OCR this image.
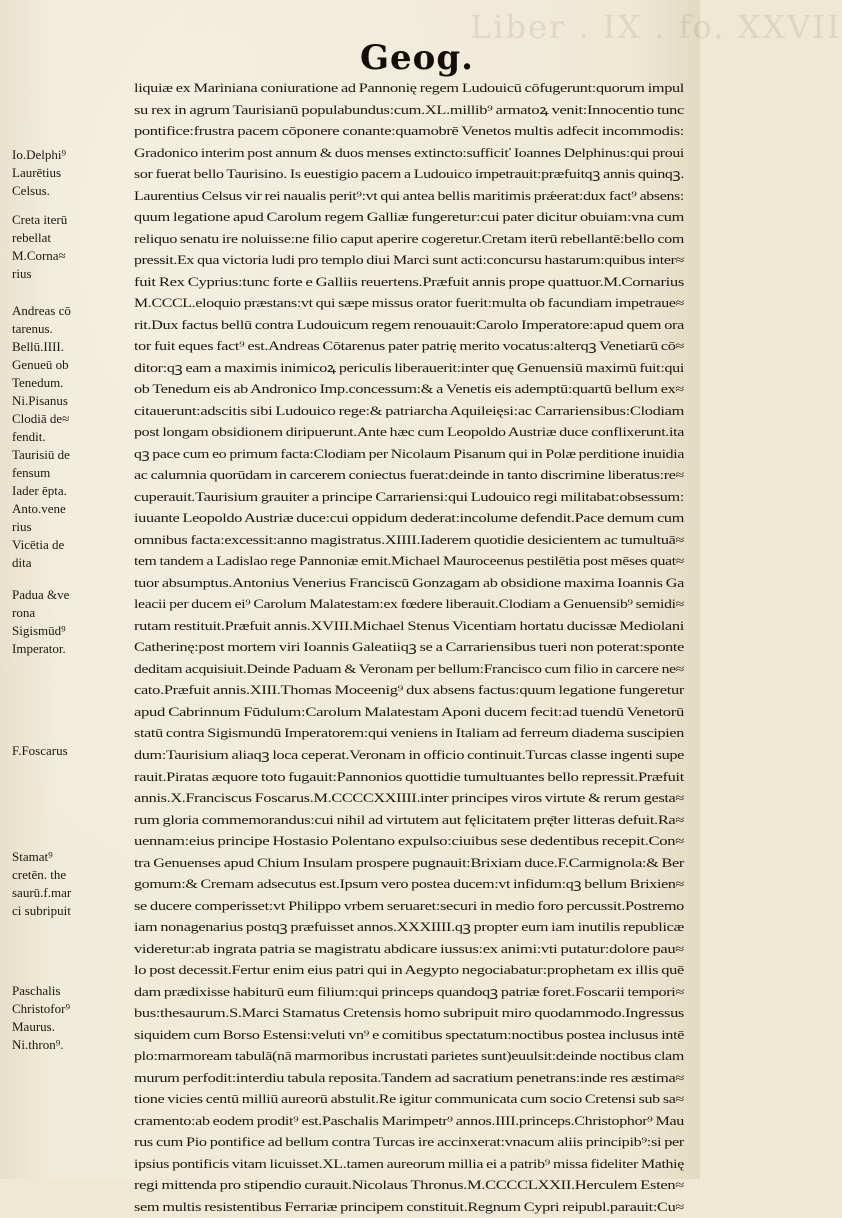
Liber . IX . fo. XXVII
Geog.
Io.Delphi⁹
Laurētius
Celsus.
Creta iterū
rebellat
M.Corna≈
rius
Andreas cō
tarenus.
Bellū.IIII.
Genueū ob
Tenedum.
Ni.Pisanus
Clodiā de≈
fendit.
Taurisiū de
fensum
Iader ēpta.
Anto.vene
rius
Vicētia de
dita
Padua &ve
rona
Sigismūd⁹
Imperator.
F.Foscarus
Stamat⁹
cretēn. the
saurū.f.mar
ci subripuit
Paschalis
Christofor⁹
Maurus.
Ni.thron⁹.
liquiæ ex Mariniana coniuratione ad Pannonię regem Ludouicū cōfugerunt:quorum impul
su rex in agrum Taurisianū populabundus:cum.XL.millib⁹ armatoꝝ venit:Innocentio tunc
pontifice:frustra pacem cōponere conante:quamobrē Venetos multis adfecit incommodis:
Gradonico interim post annum & duos menses extincto:sufficiť Ioannes Delphinus:qui proui
sor fuerat bello Taurisino. Is euestigio pacem a Ludouico impetrauit:præfuitqꝫ annis quinqꝫ.
Laurentius Celsus vir rei naualis perit⁹:vt qui antea bellis maritimis prǽerat:dux fact⁹ absens:
quum legatione apud Carolum regem Galliæ fungeretur:cui pater dicitur obuiam:vna cum
reliquo senatu ire noluisse:ne filio caput aperire cogeretur.Cretam iterū rebellantē:bello com
pressit.Ex qua victoria ludi pro templo diui Marci sunt acti:concursu hastarum:quibus inter≈
fuit Rex Cyprius:tunc forte e Galliis reuertens.Præfuit annis prope quattuor.M.Cornarius
M.CCCL.eloquio præstans:vt qui sæpe missus orator fuerit:multa ob facundiam impetraue≈
rit.Dux factus bellū contra Ludouicum regem renouauit:Carolo Imperatore:apud quem ora
tor fuit eques fact⁹ est.Andreas Cōtarenus pater patrię merito vocatus:alterqꝫ Venetiarū cō≈
ditor:qꝫ eam a maximis inimicoꝝ periculis liberauerit:inter quę Genuensiū maximū fuit:qui
ob Tenedum eis ab Andronico Imp.concessum:& a Venetis eis ademptū:quartū bellum ex≈
citauerunt:adscitis sibi Ludouico rege:& patriarcha Aquileięsi:ac Carrariensibus:Clodiam
post longam obsidionem diripuerunt.Ante hæc cum Leopoldo Austriæ duce conflixerunt.ita
qꝫ pace cum eo primum facta:Clodiam per Nicolaum Pisanum qui in Polæ perditione inuidia
ac calumnia quorūdam in carcerem coniectus fuerat:deinde in tanto discrimine liberatus:re≈
cuperauit.Taurisium grauiter a principe Carrariensi:qui Ludouico regi militabat:obsessum:
iuuante Leopoldo Austriæ duce:cui oppidum dederat:incolume defendit.Pace demum cum
omnibus facta:excessit:anno magistratus.XIIII.Iaderem quotidie desicientem ac tumultuā≈
tem tandem a Ladislao rege Pannoniæ emit.Michael Mauroceenus pestilētia post mēses quat≈
tuor absumptus.Antonius Venerius Franciscū Gonzagam ab obsidione maxima Ioannis Ga
leacii per ducem ei⁹ Carolum Malatestam:ex fœdere liberauit.Clodiam a Genuensib⁹ semidi≈
rutam restituit.Præfuit annis.XVIII.Michael Stenus Vicentiam hortatu ducissæ Mediolani
Catherinę:post mortem viri Ioannis Galeatiiqꝫ se a Carrariensibus tueri non poterat:sponte
deditam acquisiuit.Deinde Paduam & Veronam per bellum:Francisco cum filio in carcere ne≈
cato.Præfuit annis.XIII.Thomas Moceenig⁹ dux absens factus:quum legatione fungeretur
apud Cabrinnum Fūdulum:Carolum Malatestam Aponi ducem fecit:ad tuendū Venetorū
statū contra Sigismundū Imperatorem:qui veniens in Italiam ad ferreum diadema suscipien
dum:Taurisium aliaqꝫ loca ceperat.Veronam in officio continuit.Turcas classe ingenti supe
rauit.Piratas æquore toto fugauit:Pannonios quottidie tumultuantes bello repressit.Præfuit
annis.X.Franciscus Foscarus.M.CCCCXXIIII.inter principes viros virtute & rerum gesta≈
rum gloria commemorandus:cui nihil ad virtutem aut fęlicitatem prę̄ter litteras defuit.Ra≈
uennam:eius principe Hostasio Polentano expulso:ciuibus sese dedentibus recepit.Con≈
tra Genuenses apud Chium Insulam prospere pugnauit:Brixiam duce.F.Carmignola:& Ber
gomum:& Cremam adsecutus est.Ipsum vero postea ducem:vt infidum:qꝫ bellum Brixien≈
se ducere comperisset:vt Philippo vrbem seruaret:securi in medio foro percussit.Postremo
iam nonagenarius postqꝫ præfuisset annos.XXXIIII.qꝫ propter eum iam inutilis republicæ
videretur:ab ingrata patria se magistratu abdicare iussus:ex animi:vti putatur:dolore pau≈
lo post decessit.Fertur enim eius patri qui in Aegypto negociabatur:prophetam ex illis quē
dam prædixisse habiturū eum filium:qui princeps quandoqꝫ patriæ foret.Foscarii tempori≈
bus:thesaurum.S.Marci Stamatus Cretensis homo subripuit miro quodammodo.Ingressus
siquidem cum Borso Estensi:veluti vn⁹ e comitibus spectatum:noctibus postea inclusus intē
plo:marmoream tabulā(nā marmoribus incrustati parietes sunt)euulsit:deinde noctibus clam
murum perfodit:interdiu tabula reposita.Tandem ad sacratium penetrans:inde res æstima≈
tione vicies centū milliū aureorū abstulit.Re igitur communicata cum socio Cretensi sub sa≈
cramento:ab eodem prodit⁹ est.Paschalis Marimpetr⁹ annos.IIII.princeps.Christophor⁹ Mau
rus cum Pio pontifice ad bellum contra Turcas ire accinxerat:vnacum aliis principib⁹:si per
ipsius pontificis vitam licuisset.XL.tamen aureorum millia ei a patrib⁹ missa fideliter Mathię
regi mittenda pro stipendio curauit.Nicolaus Thronus.M.CCCCLXXII.Herculem Esten≈
sem multis resistentibus Ferrariæ principem constituit.Regnum Cypri reipubl.parauit:Cu≈
